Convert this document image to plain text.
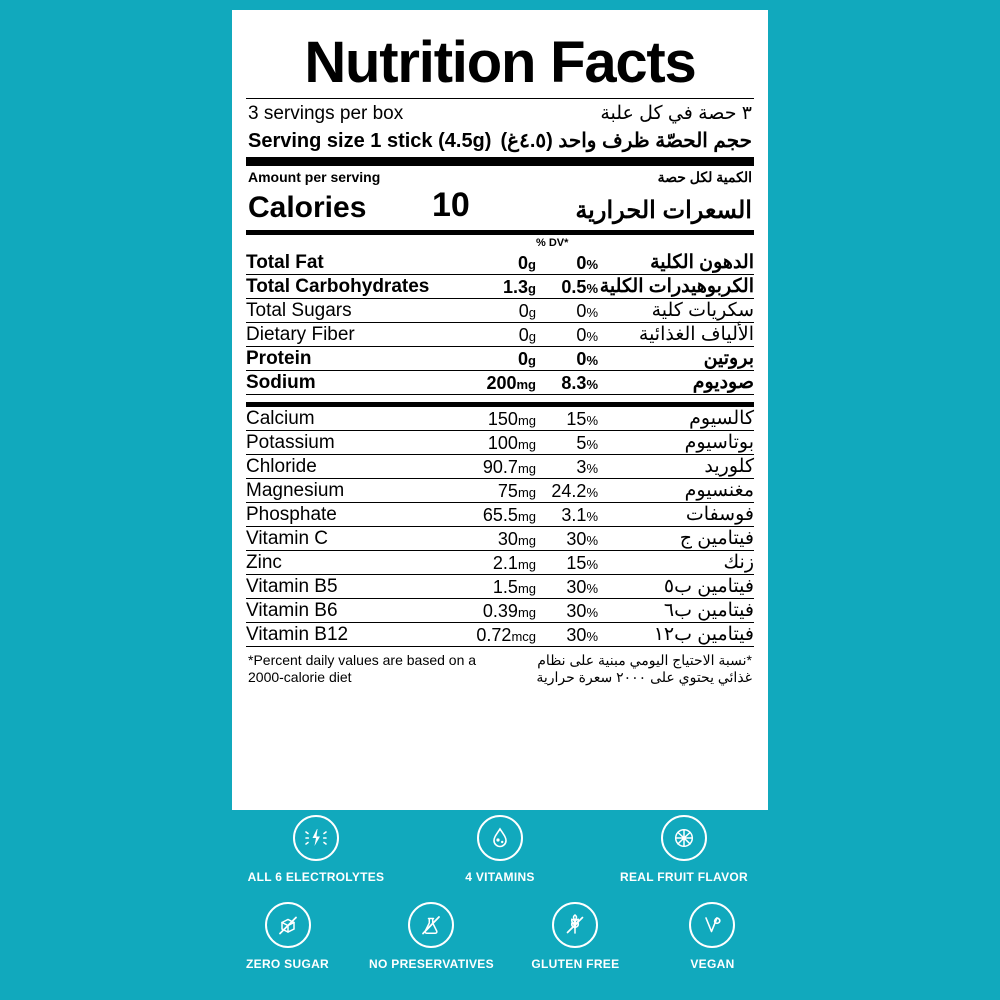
Nutrition Facts
3 servings per box	٣ حصة في كل علبة
Serving size 1 stick (4.5g) حجم الحصّة ظرف واحد (٤.٥غ)
Amount per serving	الكمية لكل حصة
Calories 10	السعرات الحرارية
% DV*
Total Fat	0g	0%	الدهون الكلية
Total Carbohydrates	1.3g	0.5%	الكربوهيدرات الكلية
Total Sugars	0g	0%	سكريات كلية
Dietary Fiber	0g	0%	الألياف الغذائية
Protein	0g	0%	بروتين
Sodium	200mg	8.3%	صوديوم
Calcium	150mg	15%	كالسيوم
Potassium	100mg	5%	بوتاسيوم
Chloride	90.7mg	3%	كلوريد
Magnesium	75mg	24.2%	مغنسيوم
Phosphate	65.5mg	3.1%	فوسفات
Vitamin C	30mg	30%	فيتامين ج
Zinc	2.1mg	15%	زنك
Vitamin B5	1.5mg	30%	فيتامين ب٥
Vitamin B6	0.39mg	30%	فيتامين ب٦
Vitamin B12	0.72mcg	30%	فيتامين ب١٢
*Percent daily values are based on a 2000-calorie diet
*نسبة الاحتياج اليومي مبنية على نظام غذائي يحتوي على ٢٠٠٠ سعرة حرارية
ALL 6 ELECTROLYTES	4 VITAMINS	REAL FRUIT FLAVOR
ZERO SUGAR	NO PRESERVATIVES	GLUTEN FREE	VEGAN
